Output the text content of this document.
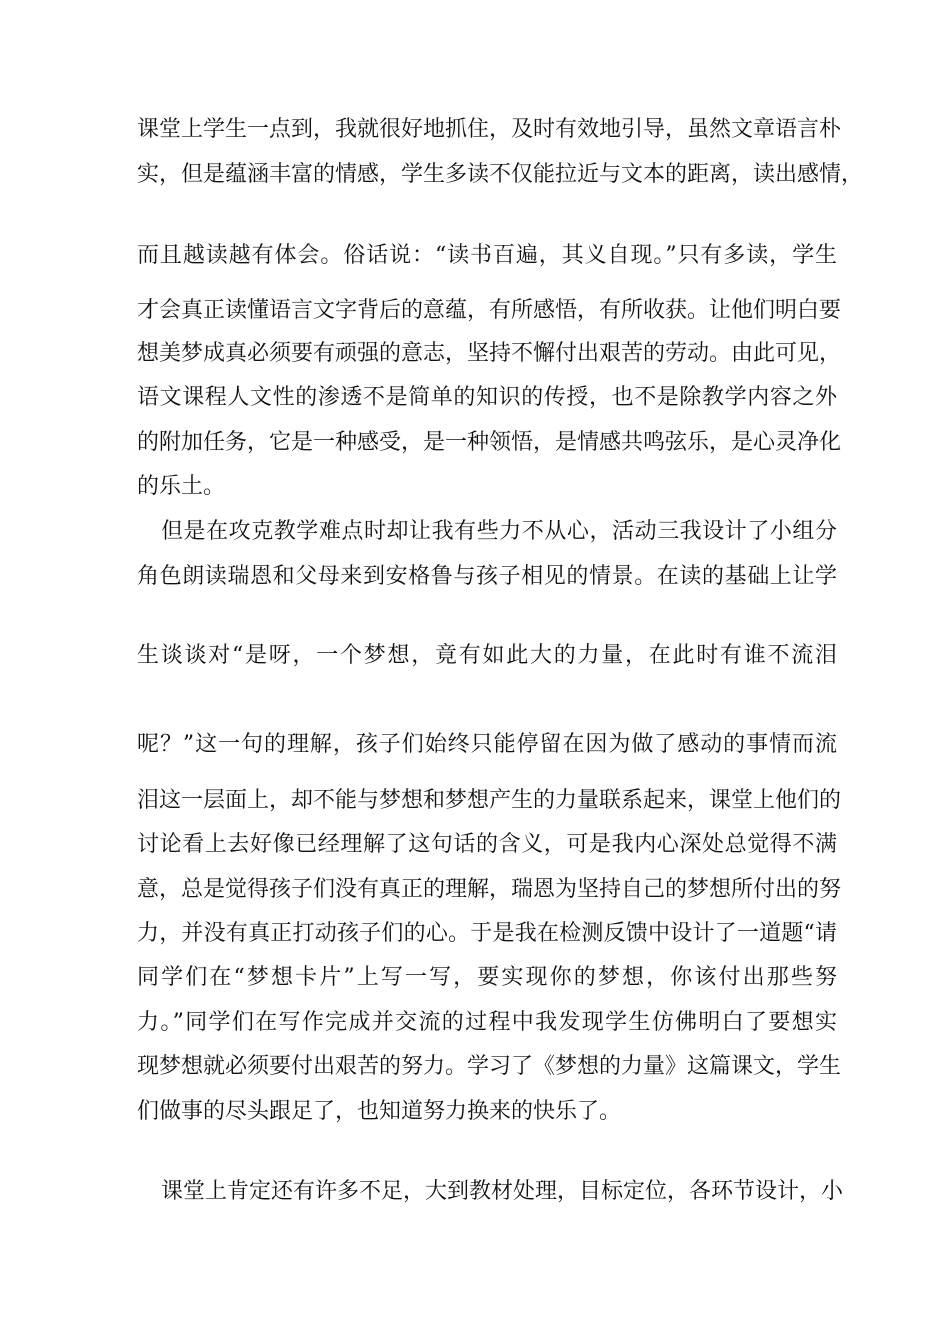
课堂上学生一点到，我就很好地抓住，及时有效地引导，虽然文章语言朴
实，但是蕴涵丰富的情感，学生多读不仅能拉近与文本的距离，读出感情，
而且越读越有体会。俗话说：“读书百遍，其义自现。”只有多读，学生
才会真正读懂语言文字背后的意蕴，有所感悟，有所收获。让他们明白要
想美梦成真必须要有顽强的意志，坚持不懈付出艰苦的劳动。由此可见，
语文课程人文性的渗透不是简单的知识的传授，也不是除教学内容之外
的附加任务，它是一种感受，是一种领悟，是情感共鸣弦乐，是心灵净化
的乐土。
但是在攻克教学难点时却让我有些力不从心，活动三我设计了小组分
角色朗读瑞恩和父母来到安格鲁与孩子相见的情景。在读的基础上让学
生谈谈对“是呀，一个梦想，竟有如此大的力量，在此时有谁不流泪
呢？”这一句的理解，孩子们始终只能停留在因为做了感动的事情而流
泪这一层面上，却不能与梦想和梦想产生的力量联系起来，课堂上他们的
讨论看上去好像已经理解了这句话的含义，可是我内心深处总觉得不满
意，总是觉得孩子们没有真正的理解，瑞恩为坚持自己的梦想所付出的努
力，并没有真正打动孩子们的心。于是我在检测反馈中设计了一道题“请
同学们在“梦想卡片”上写一写，要实现你的梦想，你该付出那些努
力。”同学们在写作完成并交流的过程中我发现学生仿佛明白了要想实
现梦想就必须要付出艰苦的努力。学习了《梦想的力量》这篇课文，学生
们做事的尽头跟足了，也知道努力换来的快乐了。
课堂上肯定还有许多不足，大到教材处理，目标定位，各环节设计，小
